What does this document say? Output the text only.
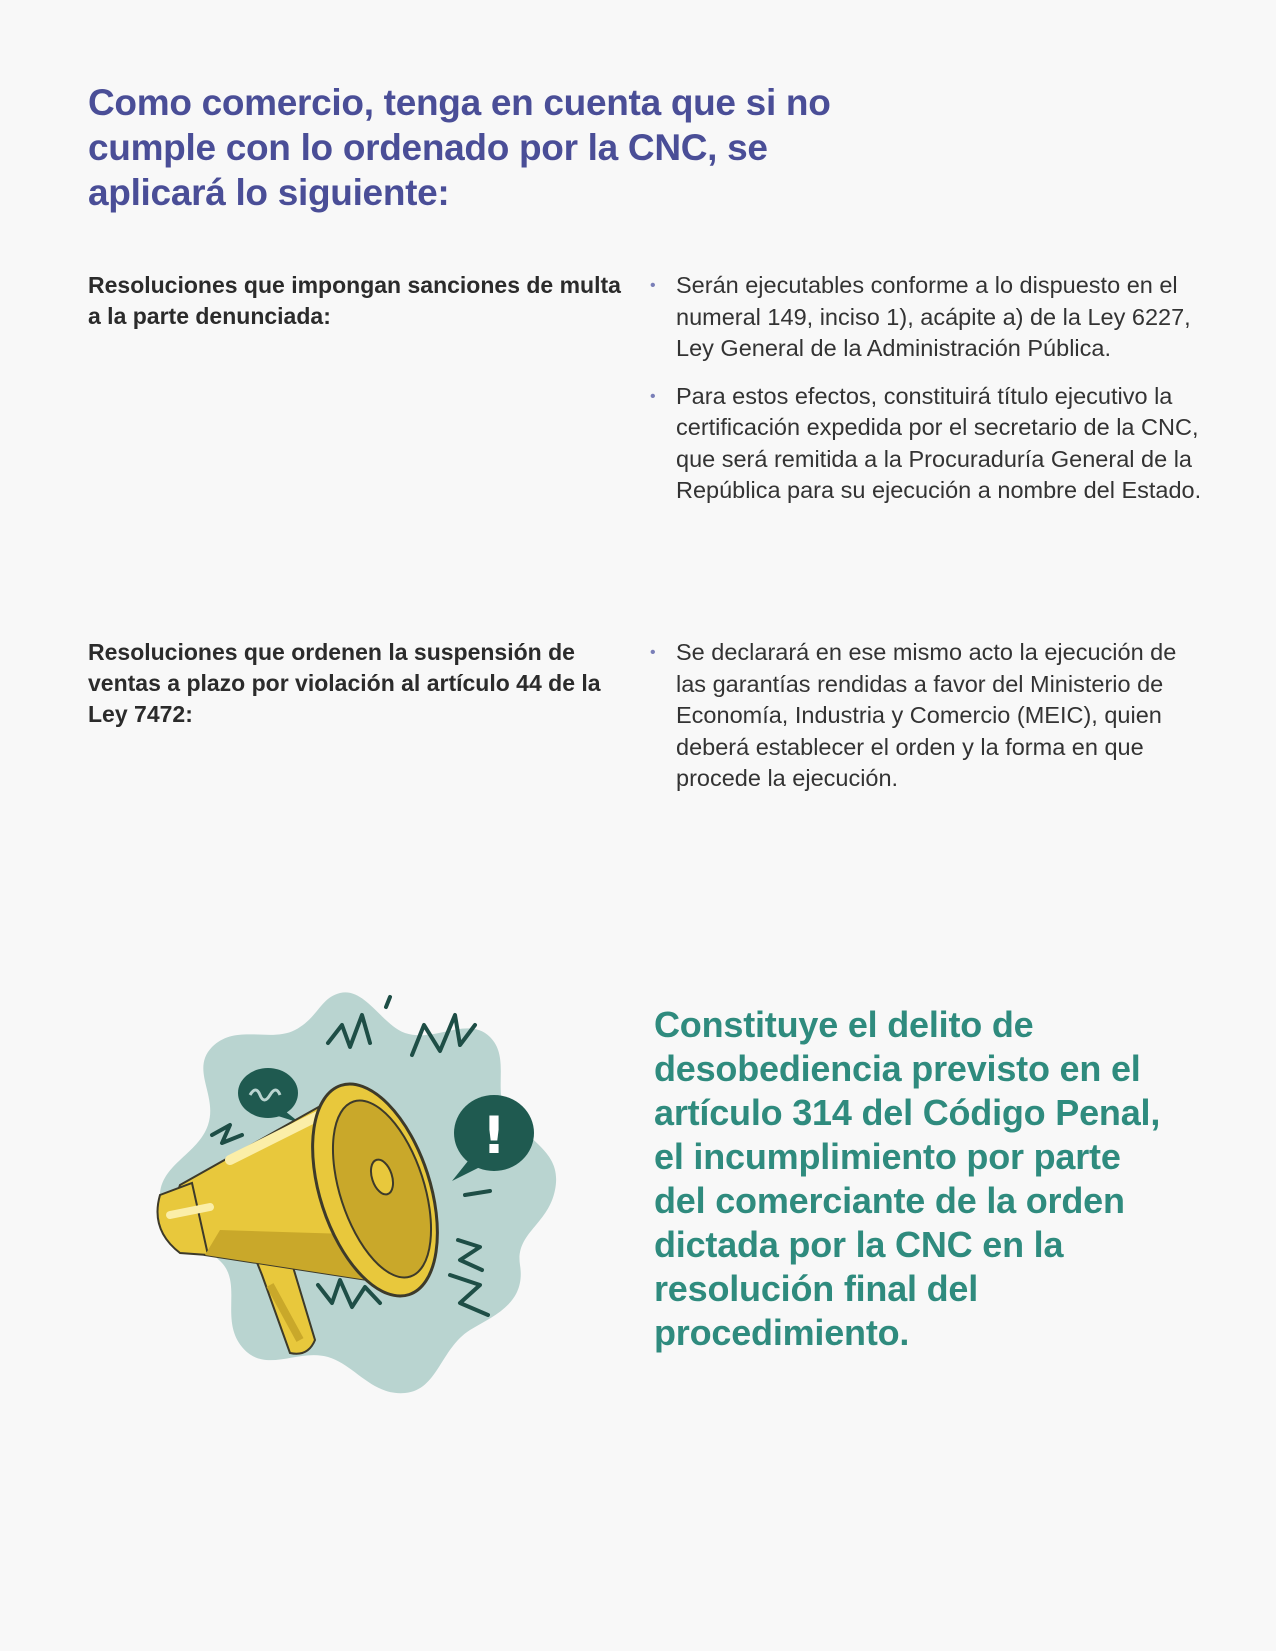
Como comercio, tenga en cuenta que si no cumple con lo ordenado por la CNC, se aplicará lo siguiente:

Resoluciones que impongan sanciones de multa a la parte denunciada:

• Serán ejecutables conforme a lo dispuesto en el numeral 149, inciso 1), acápite a) de la Ley 6227, Ley General de la Administración Pública.
• Para estos efectos, constituirá título ejecutivo la certificación expedida por el secretario de la CNC, que será remitida a la Procuraduría General de la República para su ejecución a nombre del Estado.

Resoluciones que ordenen la suspensión de ventas a plazo por violación al artículo 44 de la Ley 7472:

• Se declarará en ese mismo acto la ejecución de las garantías rendidas a favor del Ministerio de Economía, Industria y Comercio (MEIC), quien deberá establecer el orden y la forma en que procede la ejecución.
!

Constituye el delito de desobediencia previsto en el artículo 314 del Código Penal, el incumplimiento por parte del comerciante de la orden dictada por la CNC en la resolución final del procedimiento.
